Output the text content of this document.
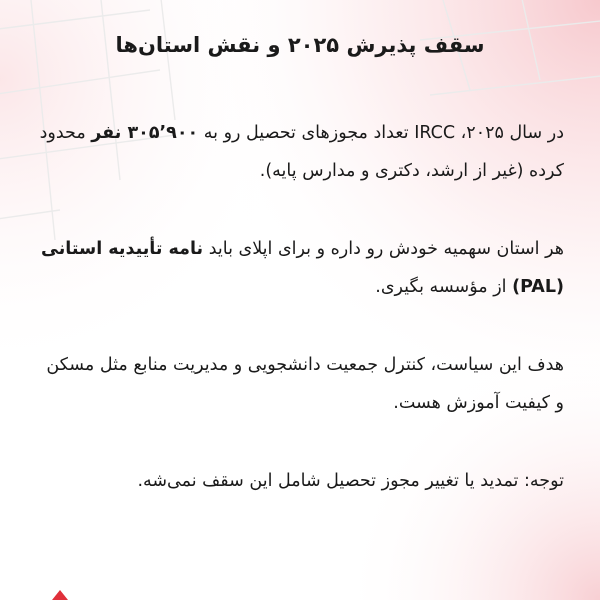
سقف پذیرش ۲۰۲۵ و نقش استان‌ها

در سال ۲۰۲۵، IRCC تعداد مجوزهای تحصیل رو به ۳۰۵٬۹۰۰ نفر محدود کرده (غیر از ارشد، دکتری و مدارس پایه).

هر استان سهمیه خودش رو داره و برای اپلای باید نامه تأییدیه استانی (PAL) از مؤسسه بگیری.

هدف این سیاست، کنترل جمعیت دانشجویی و مدیریت منابع مثل مسکن و کیفیت آموزش هست.

توجه: تمدید یا تغییر مجوز تحصیل شامل این سقف نمی‌شه.
